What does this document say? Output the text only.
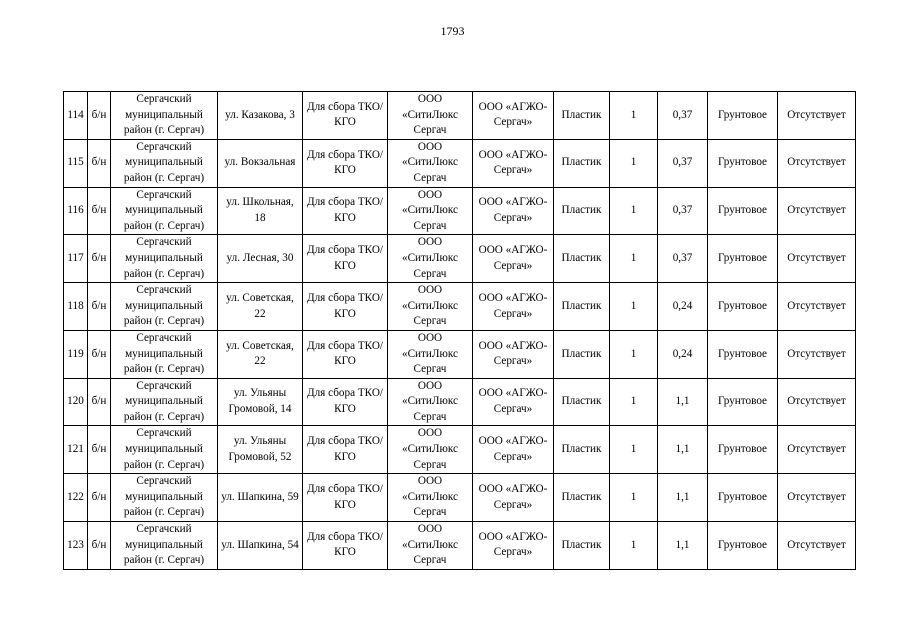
1793
114	б/н	Сергачский муниципальный район (г. Сергач)	ул. Казакова, 3	Для сбора ТКО/КГО	ООО «СитиЛюкс Сергач	ООО «АГЖО-Сергач»	Пластик	1	0,37	Грунтовое	Отсутствует
115	б/н	Сергачский муниципальный район (г. Сергач)	ул. Вокзальная	Для сбора ТКО/КГО	ООО «СитиЛюкс Сергач	ООО «АГЖО-Сергач»	Пластик	1	0,37	Грунтовое	Отсутствует
116	б/н	Сергачский муниципальный район (г. Сергач)	ул. Школьная, 18	Для сбора ТКО/КГО	ООО «СитиЛюкс Сергач	ООО «АГЖО-Сергач»	Пластик	1	0,37	Грунтовое	Отсутствует
117	б/н	Сергачский муниципальный район (г. Сергач)	ул. Лесная, 30	Для сбора ТКО/КГО	ООО «СитиЛюкс Сергач	ООО «АГЖО-Сергач»	Пластик	1	0,37	Грунтовое	Отсутствует
118	б/н	Сергачский муниципальный район (г. Сергач)	ул. Советская, 22	Для сбора ТКО/КГО	ООО «СитиЛюкс Сергач	ООО «АГЖО-Сергач»	Пластик	1	0,24	Грунтовое	Отсутствует
119	б/н	Сергачский муниципальный район (г. Сергач)	ул. Советская, 22	Для сбора ТКО/КГО	ООО «СитиЛюкс Сергач	ООО «АГЖО-Сергач»	Пластик	1	0,24	Грунтовое	Отсутствует
120	б/н	Сергачский муниципальный район (г. Сергач)	ул. Ульяны Громовой, 14	Для сбора ТКО/КГО	ООО «СитиЛюкс Сергач	ООО «АГЖО-Сергач»	Пластик	1	1,1	Грунтовое	Отсутствует
121	б/н	Сергачский муниципальный район (г. Сергач)	ул. Ульяны Громовой, 52	Для сбора ТКО/КГО	ООО «СитиЛюкс Сергач	ООО «АГЖО-Сергач»	Пластик	1	1,1	Грунтовое	Отсутствует
122	б/н	Сергачский муниципальный район (г. Сергач)	ул. Шапкина, 59	Для сбора ТКО/КГО	ООО «СитиЛюкс Сергач	ООО «АГЖО-Сергач»	Пластик	1	1,1	Грунтовое	Отсутствует
123	б/н	Сергачский муниципальный район (г. Сергач)	ул. Шапкина, 54	Для сбора ТКО/КГО	ООО «СитиЛюкс Сергач	ООО «АГЖО-Сергач»	Пластик	1	1,1	Грунтовое	Отсутствует
